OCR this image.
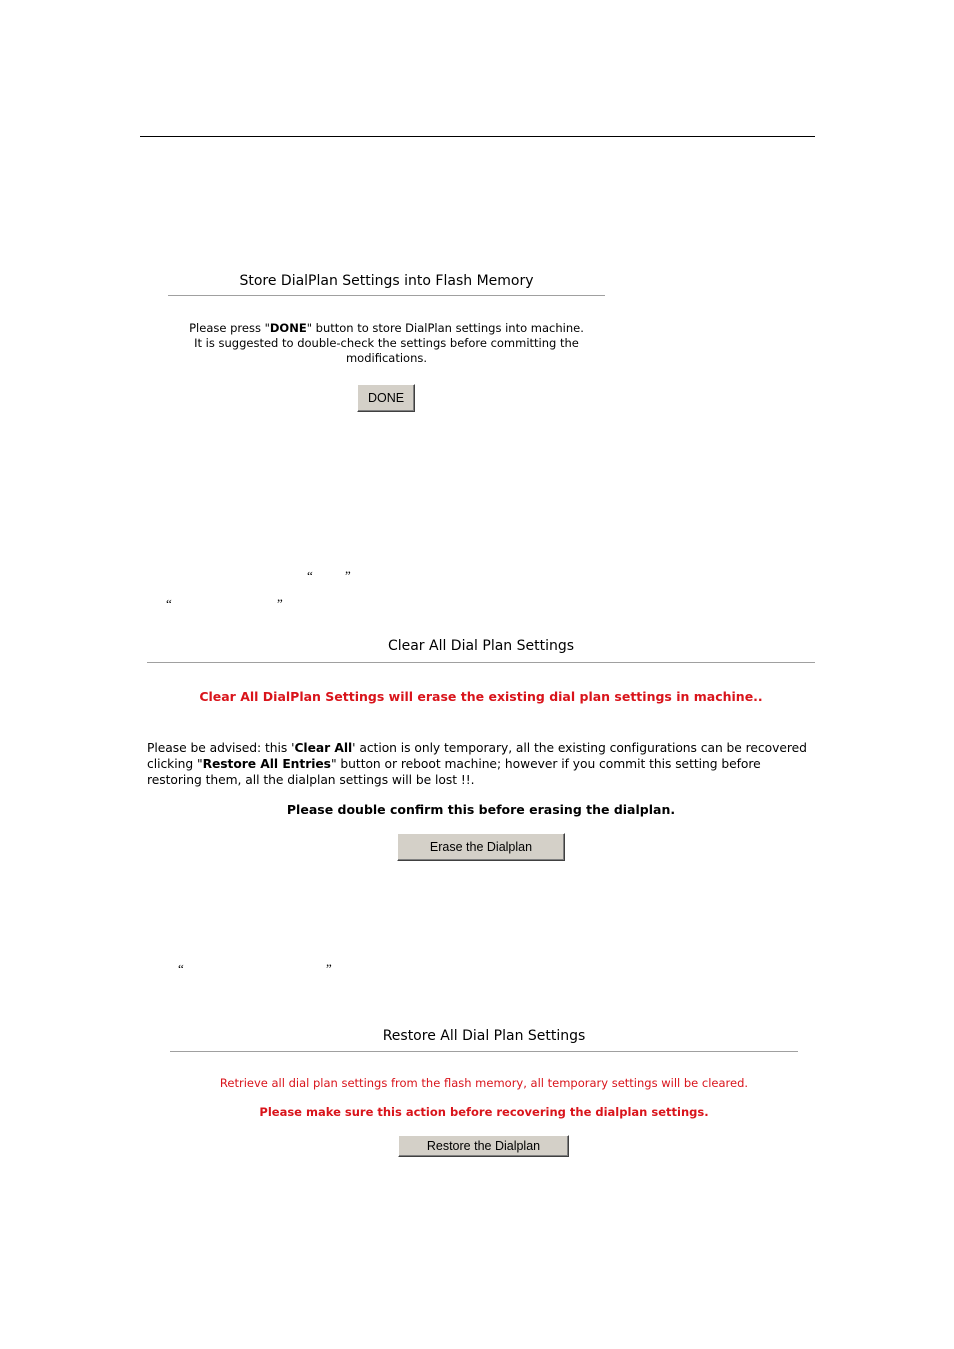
Store DialPlan Settings into Flash Memory
Please press "DONE" button to store DialPlan settings into machine.
It is suggested to double-check the settings before committing the
modifications.
DONE
“ ”
“	”
Clear All Dial Plan Settings
Clear All DialPlan Settings will erase the existing dial plan settings in machine..
Please be advised: this 'Clear All' action is only temporary, all the existing configurations can be recovered clicking "Restore All Entries" button or reboot machine; however if you commit this setting before restoring them, all the dialplan settings will be lost !!.
Please double confirm this before erasing the dialplan.
Erase the Dialplan
“	”
Restore All Dial Plan Settings
Retrieve all dial plan settings from the flash memory, all temporary settings will be cleared.
Please make sure this action before recovering the dialplan settings.
Restore the Dialplan
